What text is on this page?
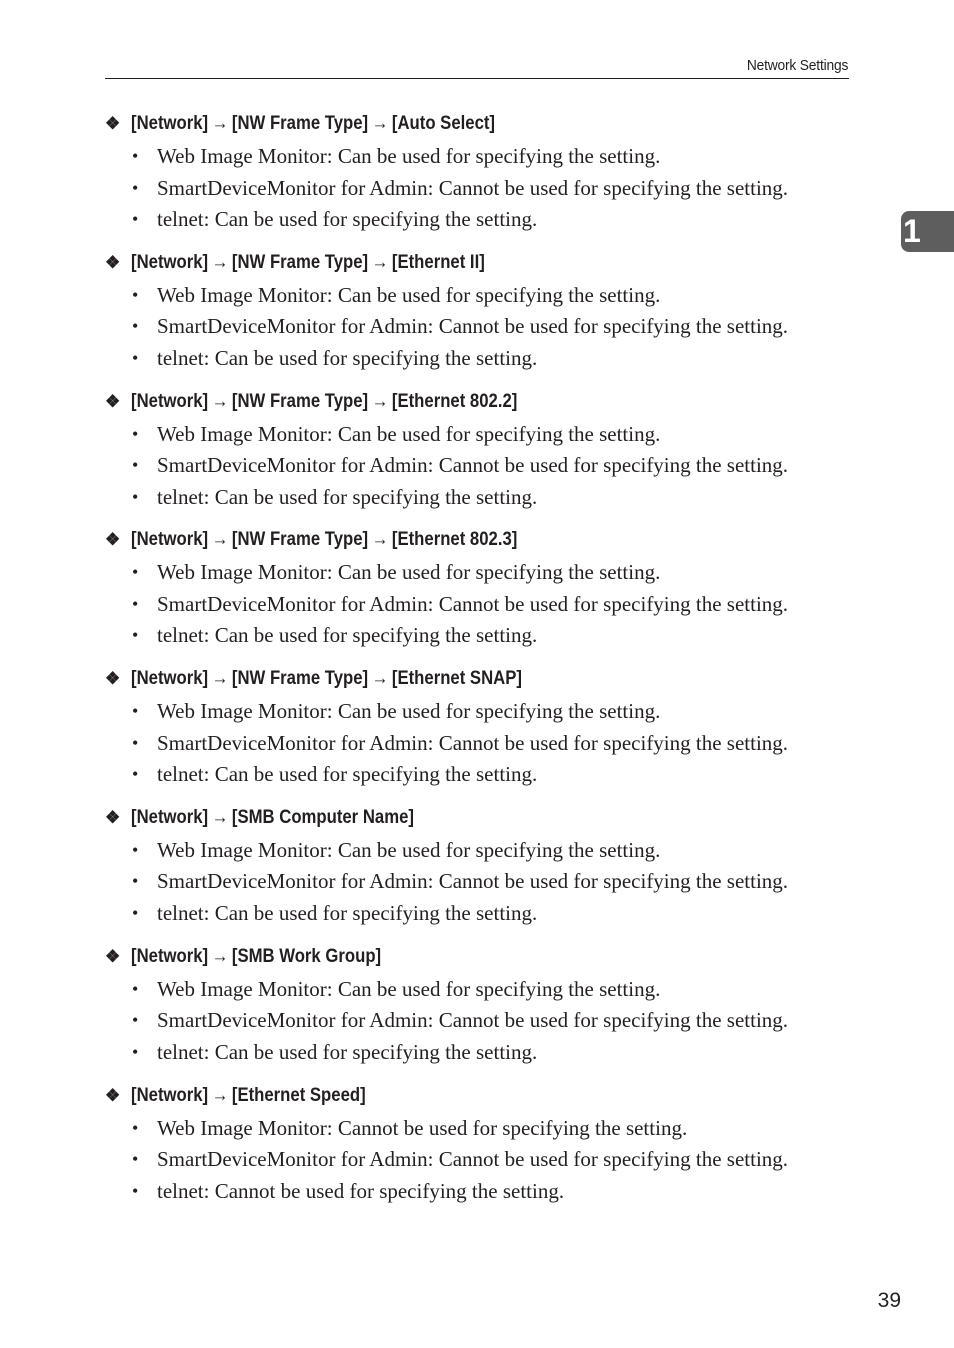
Network Settings
1
❖ [Network] → [NW Frame Type] → [Auto Select]
• Web Image Monitor: Can be used for specifying the setting.
• SmartDeviceMonitor for Admin: Cannot be used for specifying the setting.
• telnet: Can be used for specifying the setting.
❖ [Network] → [NW Frame Type] → [Ethernet II]
• Web Image Monitor: Can be used for specifying the setting.
• SmartDeviceMonitor for Admin: Cannot be used for specifying the setting.
• telnet: Can be used for specifying the setting.
❖ [Network] → [NW Frame Type] → [Ethernet 802.2]
• Web Image Monitor: Can be used for specifying the setting.
• SmartDeviceMonitor for Admin: Cannot be used for specifying the setting.
• telnet: Can be used for specifying the setting.
❖ [Network] → [NW Frame Type] → [Ethernet 802.3]
• Web Image Monitor: Can be used for specifying the setting.
• SmartDeviceMonitor for Admin: Cannot be used for specifying the setting.
• telnet: Can be used for specifying the setting.
❖ [Network] → [NW Frame Type] → [Ethernet SNAP]
• Web Image Monitor: Can be used for specifying the setting.
• SmartDeviceMonitor for Admin: Cannot be used for specifying the setting.
• telnet: Can be used for specifying the setting.
❖ [Network] → [SMB Computer Name]
• Web Image Monitor: Can be used for specifying the setting.
• SmartDeviceMonitor for Admin: Cannot be used for specifying the setting.
• telnet: Can be used for specifying the setting.
❖ [Network] → [SMB Work Group]
• Web Image Monitor: Can be used for specifying the setting.
• SmartDeviceMonitor for Admin: Cannot be used for specifying the setting.
• telnet: Can be used for specifying the setting.
❖ [Network] → [Ethernet Speed]
• Web Image Monitor: Cannot be used for specifying the setting.
• SmartDeviceMonitor for Admin: Cannot be used for specifying the setting.
• telnet: Cannot be used for specifying the setting.
39
